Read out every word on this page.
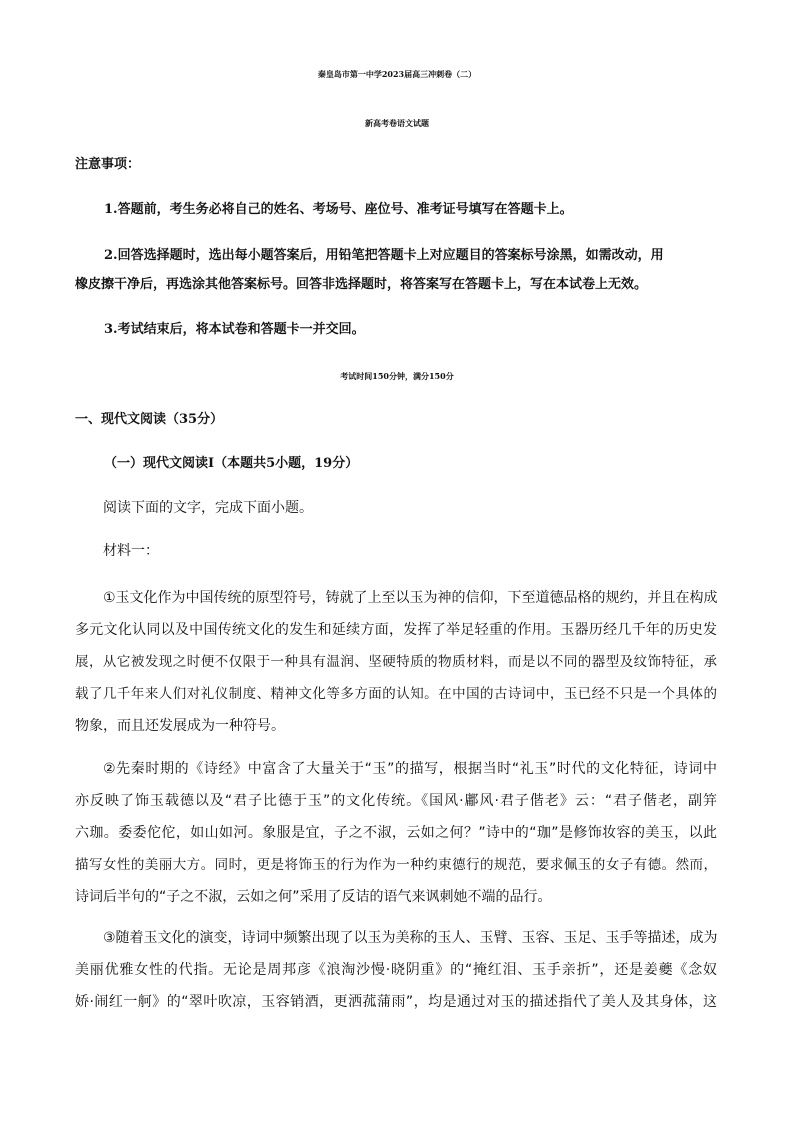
秦皇岛市第一中学2023届高三冲刺卷（二）

新高考卷语文试题

注意事项：

1.答题前，考生务必将自己的姓名、考场号、座位号、准考证号填写在答题卡上。

2.回答选择题时，选出每小题答案后，用铅笔把答题卡上对应题目的答案标号涂黑，如需改动，用

橡皮擦干净后，再选涂其他答案标号。回答非选择题时，将答案写在答题卡上，写在本试卷上无效。

3.考试结束后，将本试卷和答题卡一并交回。

考试时间150分钟，满分150分

一、现代文阅读（35分）

（一）现代文阅读Ⅰ（本题共5小题，19分）

阅读下面的文字，完成下面小题。

材料一：

①玉文化作为中国传统的原型符号，铸就了上至以玉为神的信仰，下至道德品格的规约，并且在构成
多元文化认同以及中国传统文化的发生和延续方面，发挥了举足轻重的作用。玉器历经几千年的历史发
展，从它被发现之时便不仅限于一种具有温润、坚硬特质的物质材料，而是以不同的器型及纹饰特征，承
载了几千年来人们对礼仪制度、精神文化等多方面的认知。在中国的古诗词中，玉已经不只是一个具体的
物象，而且还发展成为一种符号。
②先秦时期的《诗经》中富含了大量关于“玉”的描写，根据当时“礼玉”时代的文化特征，诗词中
亦反映了饰玉载德以及“君子比德于玉”的文化传统。《国风·鄘风·君子偕老》云：“君子偕老，副笄
六珈。委委佗佗，如山如河。象服是宜，子之不淑，云如之何？”诗中的“珈”是修饰妆容的美玉，以此
描写女性的美丽大方。同时，更是将饰玉的行为作为一种约束德行的规范，要求佩玉的女子有德。然而，
诗词后半句的“子之不淑，云如之何”采用了反诘的语气来讽刺她不端的品行。
③随着玉文化的演变，诗词中频繁出现了以玉为美称的玉人、玉臂、玉容、玉足、玉手等描述，成为
美丽优雅女性的代指。无论是周邦彦《浪淘沙慢·晓阴重》的“掩红泪、玉手亲折”，还是姜夔《念奴
娇·闹红一舸》的“翠叶吹凉，玉容销酒，更洒菰蒲雨”，均是通过对玉的描述指代了美人及其身体，这
